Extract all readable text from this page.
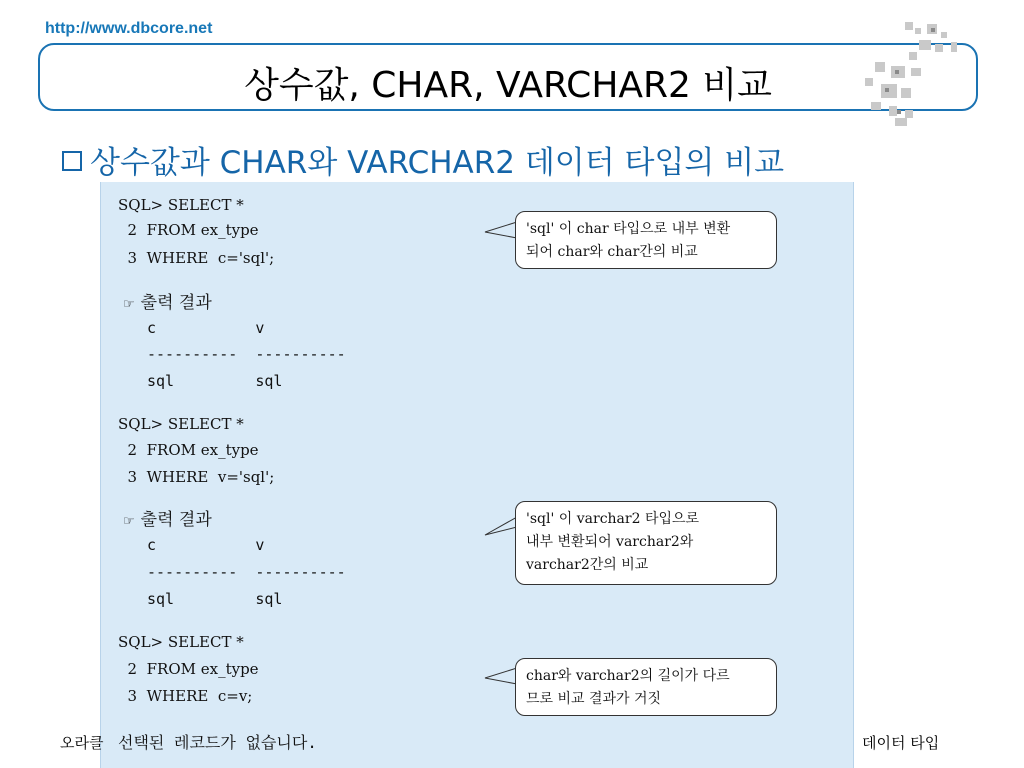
http://www.dbcore.net
상수값, CHAR, VARCHAR2 비교
상수값과 CHAR와 VARCHAR2 데이터 타입의 비교
SQL> SELECT *
2  FROM ex_type
3  WHERE  c='sql';
☞ 출력 결과
c           v
----------  ----------
sql         sql
'sql' 이 char 타입으로 내부 변환
되어 char와 char간의 비교
SQL> SELECT *
2  FROM ex_type
3  WHERE  v='sql';
☞ 출력 결과
c           v
----------  ----------
sql         sql
'sql' 이 varchar2 타입으로
내부 변환되어 varchar2와
varchar2간의 비교
SQL> SELECT *
2  FROM ex_type
3  WHERE  c=v;
선택된 레코드가 없습니다.
char와 varchar2의 길이가 다르
므로 비교 결과가 거짓
오라클	데이터 타입
